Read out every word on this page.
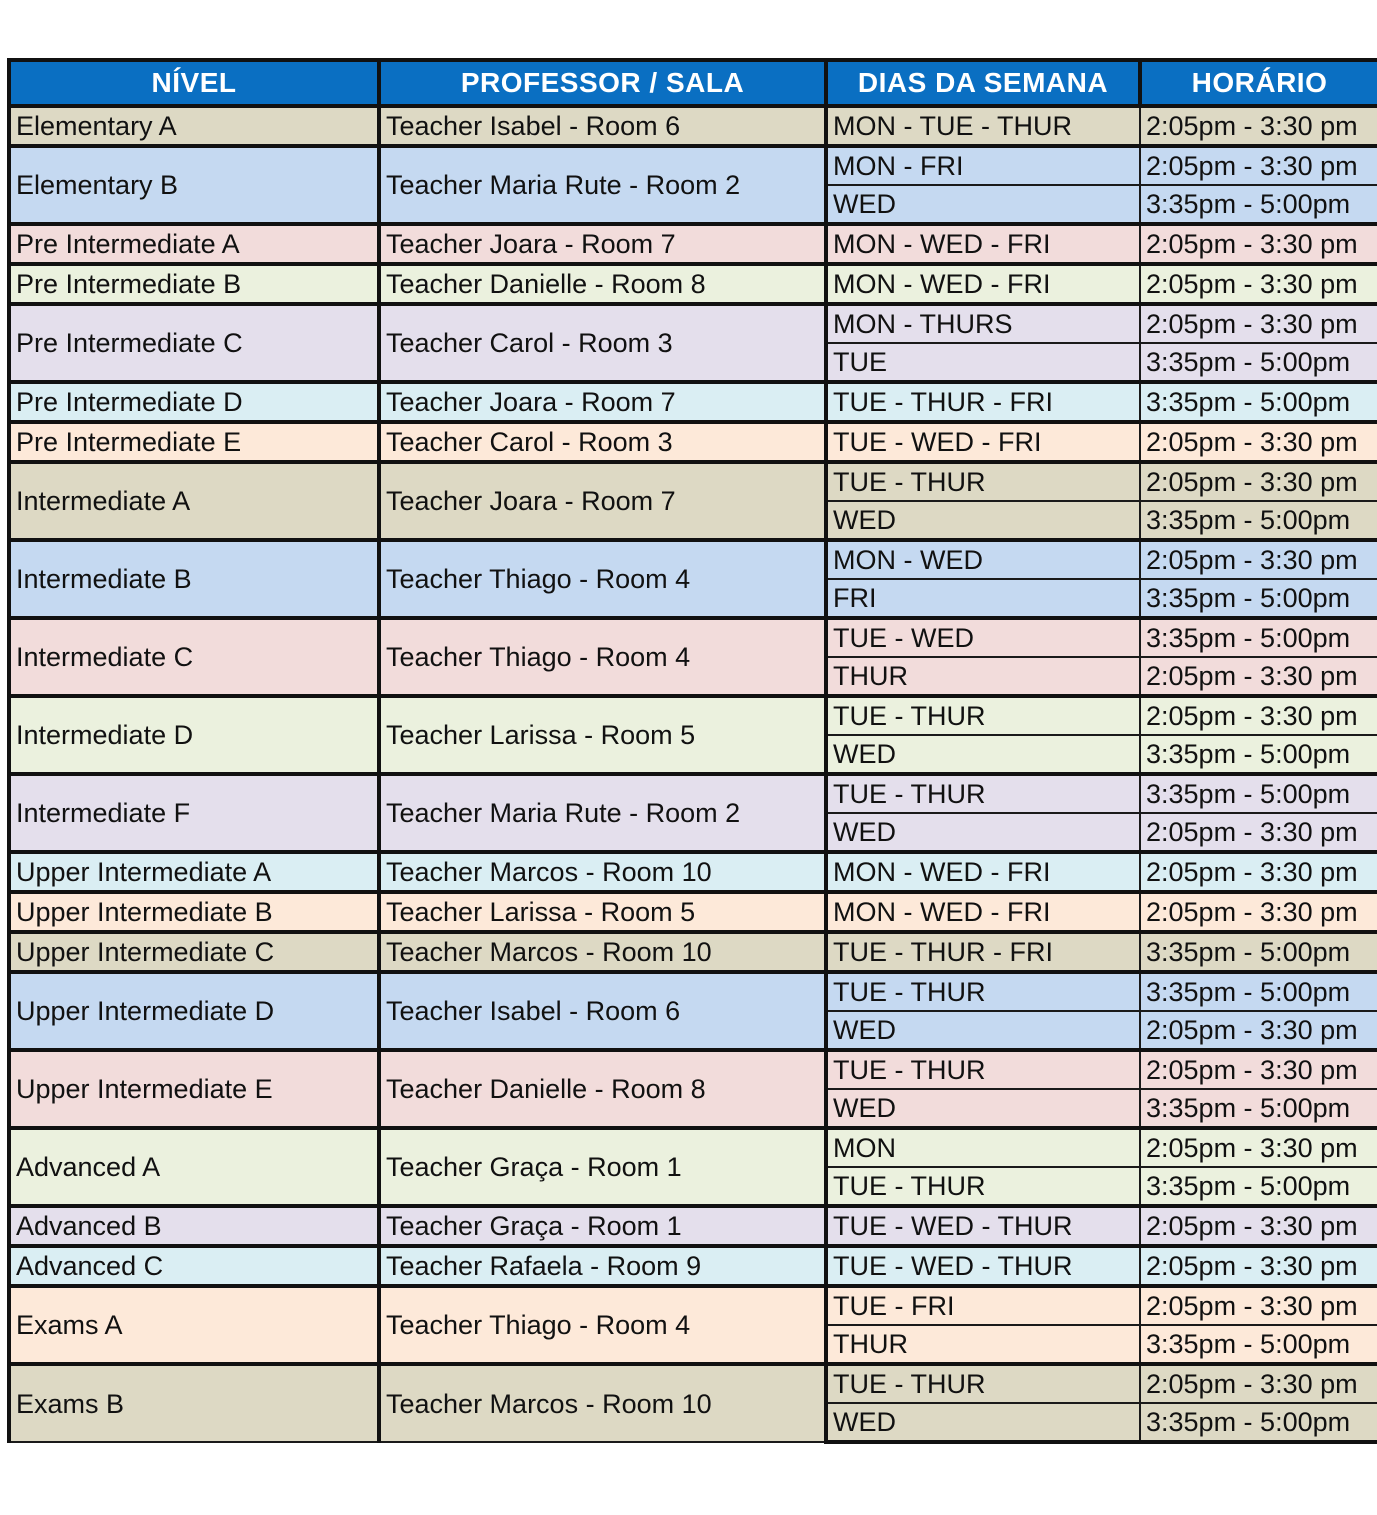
NÍVEL	PROFESSOR / SALA	DIAS DA SEMANA	HORÁRIO
Elementary A	Teacher Isabel - Room 6	MON - TUE - THUR	2:05pm - 3:30 pm
Elementary B	Teacher Maria Rute - Room 2	MON - FRI	2:05pm - 3:30 pm
		WED	3:35pm - 5:00pm
Pre Intermediate A	Teacher Joara - Room 7	MON - WED - FRI	2:05pm - 3:30 pm
Pre Intermediate B	Teacher Danielle - Room 8	MON - WED - FRI	2:05pm - 3:30 pm
Pre Intermediate C	Teacher Carol - Room 3	MON - THURS	2:05pm - 3:30 pm
		TUE	3:35pm - 5:00pm
Pre Intermediate D	Teacher Joara - Room 7	TUE - THUR - FRI	3:35pm - 5:00pm
Pre Intermediate E	Teacher Carol - Room 3	TUE - WED - FRI	2:05pm - 3:30 pm
Intermediate A	Teacher Joara - Room 7	TUE - THUR	2:05pm - 3:30 pm
		WED	3:35pm - 5:00pm
Intermediate B	Teacher Thiago - Room 4	MON - WED	2:05pm - 3:30 pm
		FRI	3:35pm - 5:00pm
Intermediate C	Teacher Thiago - Room 4	TUE - WED	3:35pm - 5:00pm
		THUR	2:05pm - 3:30 pm
Intermediate D	Teacher Larissa - Room 5	TUE - THUR	2:05pm - 3:30 pm
		WED	3:35pm - 5:00pm
Intermediate F	Teacher Maria Rute - Room 2	TUE - THUR	3:35pm - 5:00pm
		WED	2:05pm - 3:30 pm
Upper Intermediate A	Teacher Marcos - Room 10	MON - WED - FRI	2:05pm - 3:30 pm
Upper Intermediate B	Teacher Larissa - Room 5	MON - WED - FRI	2:05pm - 3:30 pm
Upper Intermediate C	Teacher Marcos - Room 10	TUE - THUR - FRI	3:35pm - 5:00pm
Upper Intermediate D	Teacher Isabel - Room 6	TUE - THUR	3:35pm - 5:00pm
		WED	2:05pm - 3:30 pm
Upper Intermediate E	Teacher Danielle - Room 8	TUE - THUR	2:05pm - 3:30 pm
		WED	3:35pm - 5:00pm
Advanced A	Teacher Graça - Room 1	MON	2:05pm - 3:30 pm
		TUE - THUR	3:35pm - 5:00pm
Advanced B	Teacher Graça - Room 1	TUE - WED - THUR	2:05pm - 3:30 pm
Advanced C	Teacher Rafaela - Room 9	TUE - WED - THUR	2:05pm - 3:30 pm
Exams A	Teacher Thiago - Room 4	TUE - FRI	2:05pm - 3:30 pm
		THUR	3:35pm - 5:00pm
Exams B	Teacher Marcos - Room 10	TUE - THUR	2:05pm - 3:30 pm
		WED	3:35pm - 5:00pm
